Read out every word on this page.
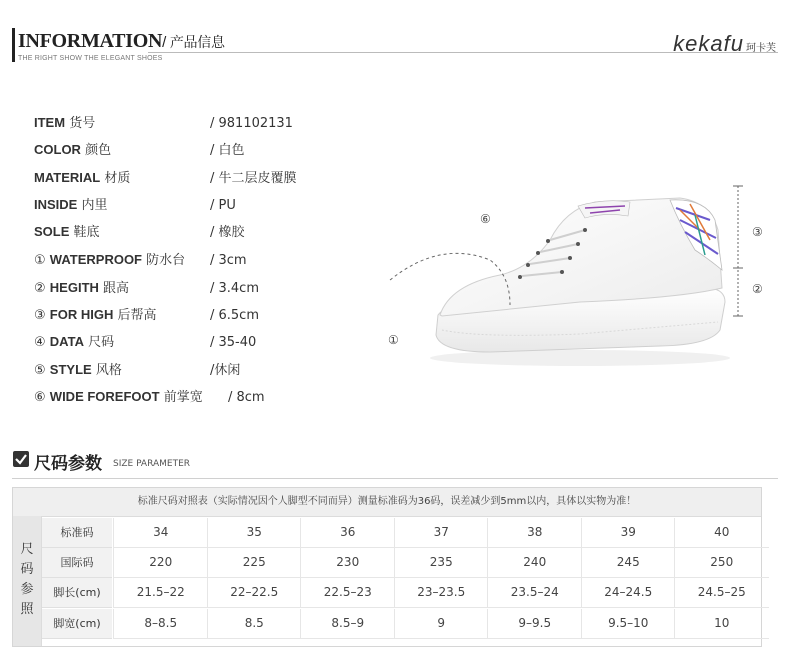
INFORMATION/ 产品信息
THE RIGHT SHOW THE ELEGANT SHOES
kekafu 珂卡芙
ITEM 货号	/ 981102131
COLOR 颜色	/ 白色
MATERIAL 材质	/ 牛二层皮覆膜
INSIDE 内里	/ PU
SOLE 鞋底	/ 橡胶
① WATERPROOF 防水台 / 3cm
② HEGITH 跟高	/ 3.4cm
③ FOR HIGH 后帮高	/ 6.5cm
④ DATA 尺码	/ 35-40
⑤ STYLE 风格	/休闲
⑥ WIDE FOREFOOT 前掌宽 / 8cm
⑥
③
②
①
尺码参数 SIZE PARAMETER
标准尺码对照表（实际情况因个人脚型不同而异）测量标准码为36码，误差减少到5mm以内，具体以实物为准！
尺
码
参
照
标准码	34	35	36	37	38	39	40
国际码	220	225	230	235	240	245	250
脚长(cm)	21.5–22	22–22.5	22.5–23	23–23.5	23.5–24	24–24.5	24.5–25
脚宽(cm)	8–8.5	8.5	8.5–9	9	9–9.5	9.5–10	10
